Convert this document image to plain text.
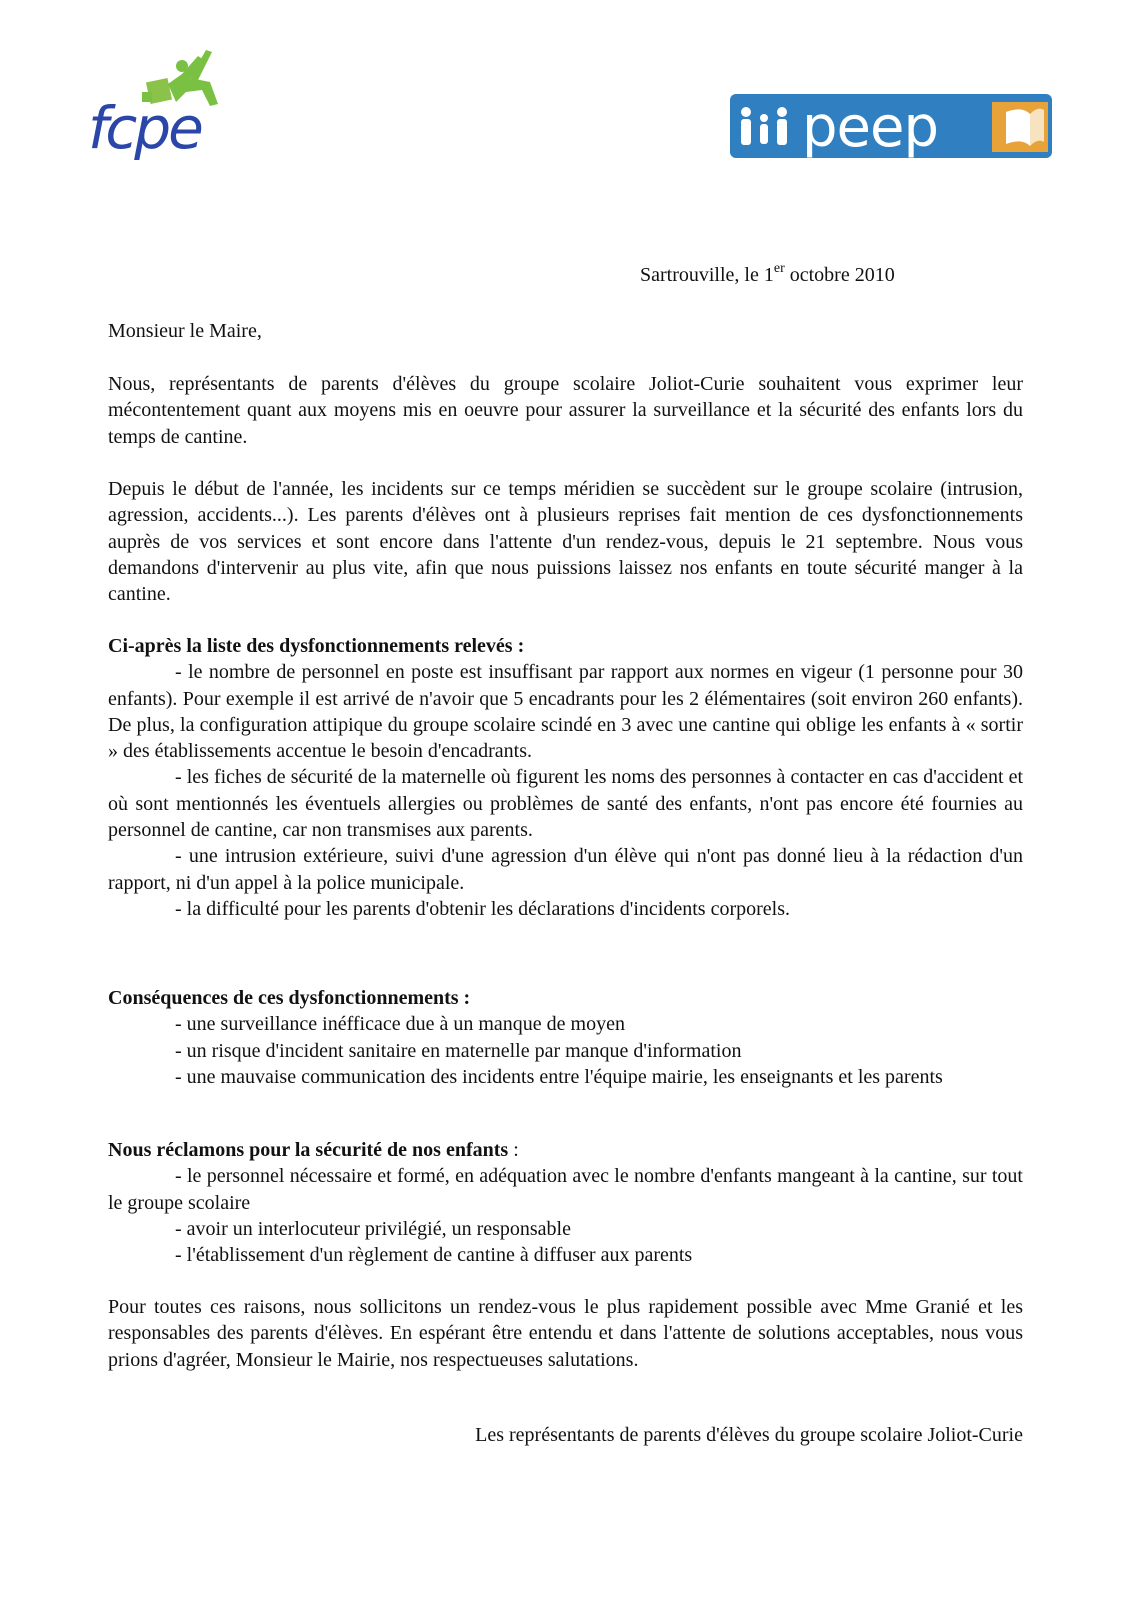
fcpe	peep
Sartrouville, le 1er octobre 2010
Monsieur le Maire,

Nous, représentants de parents d'élèves du groupe scolaire Joliot-Curie souhaitent vous exprimer leur mécontentement quant aux moyens mis en oeuvre pour assurer la surveillance et la sécurité des enfants lors du temps de cantine.

Depuis le début de l'année, les incidents sur ce temps méridien se succèdent sur le groupe scolaire (intrusion, agression, accidents...). Les parents d'élèves ont à plusieurs reprises fait mention de ces dysfonctionnements auprès de vos services et sont encore dans l'attente d'un rendez-vous, depuis le 21 septembre. Nous vous demandons d'intervenir au plus vite, afin que nous puissions laissez nos enfants en toute sécurité manger à la cantine.

Ci-après la liste des dysfonctionnements relevés :
- le nombre de personnel en poste est insuffisant par rapport aux normes en vigeur (1 personne pour 30 enfants). Pour exemple il est arrivé de n'avoir que 5 encadrants pour les 2 élémentaires (soit environ 260 enfants). De plus, la configuration attipique du groupe scolaire scindé en 3 avec une cantine qui oblige les enfants à « sortir » des établissements accentue le besoin d'encadrants.
- les fiches de sécurité de la maternelle où figurent les noms des personnes à contacter en cas d'accident et où sont mentionnés les éventuels allergies ou problèmes de santé des enfants, n'ont pas encore été fournies au personnel de cantine, car non transmises aux parents.
- une intrusion extérieure, suivi d'une agression d'un élève qui n'ont pas donné lieu à la rédaction d'un rapport, ni d'un appel à la police municipale.
- la difficulté pour les parents d'obtenir les déclarations d'incidents corporels.
Conséquences de ces dysfonctionnements :
- une surveillance inéfficace due à un manque de moyen
- un risque d'incident sanitaire en maternelle par manque d'information
- une mauvaise communication des incidents entre l'équipe mairie, les enseignants et les parents
Nous réclamons pour la sécurité de nos enfants :
- le personnel nécessaire et formé, en adéquation avec le nombre d'enfants mangeant à la cantine, sur tout le groupe scolaire
- avoir un interlocuteur privilégié, un responsable
- l'établissement d'un règlement de cantine à diffuser aux parents

Pour toutes ces raisons, nous sollicitons un rendez-vous le plus rapidement possible avec Mme Granié et les responsables des parents d'élèves. En espérant être entendu et dans l'attente de solutions acceptables, nous vous prions d'agréer, Monsieur le Mairie, nos respectueuses salutations.

Les représentants de parents d'élèves du groupe scolaire Joliot-Curie
